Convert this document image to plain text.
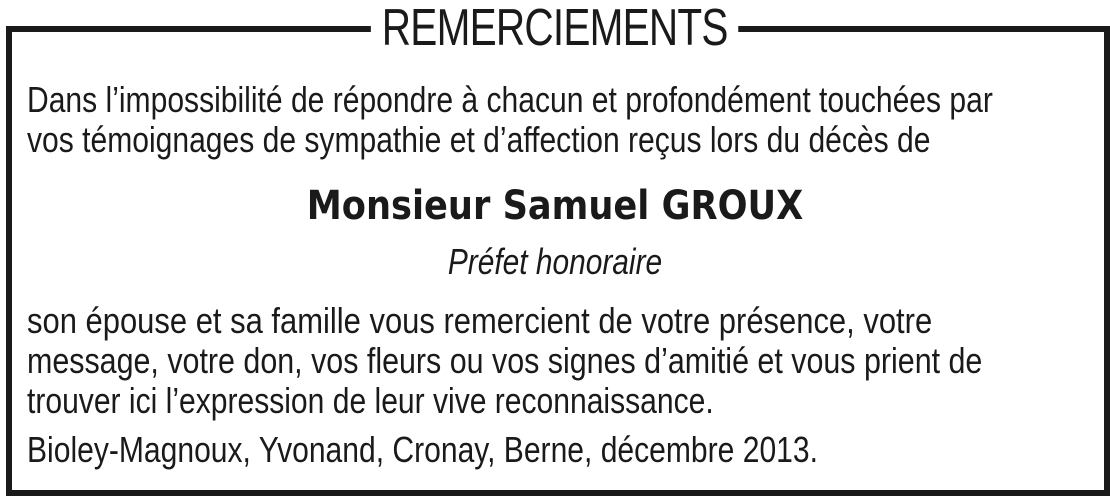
REMERCIEMENTS
Dans l’impossibilité de répondre à chacun et profondément touchées par
vos témoignages de sympathie et d’affection reçus lors du décès de
Monsieur Samuel GROUX
Préfet honoraire
son épouse et sa famille vous remercient de votre présence, votre
message, votre don, vos fleurs ou vos signes d’amitié et vous prient de
trouver ici l’expression de leur vive reconnaissance.
Bioley-Magnoux, Yvonand, Cronay, Berne, décembre 2013.
